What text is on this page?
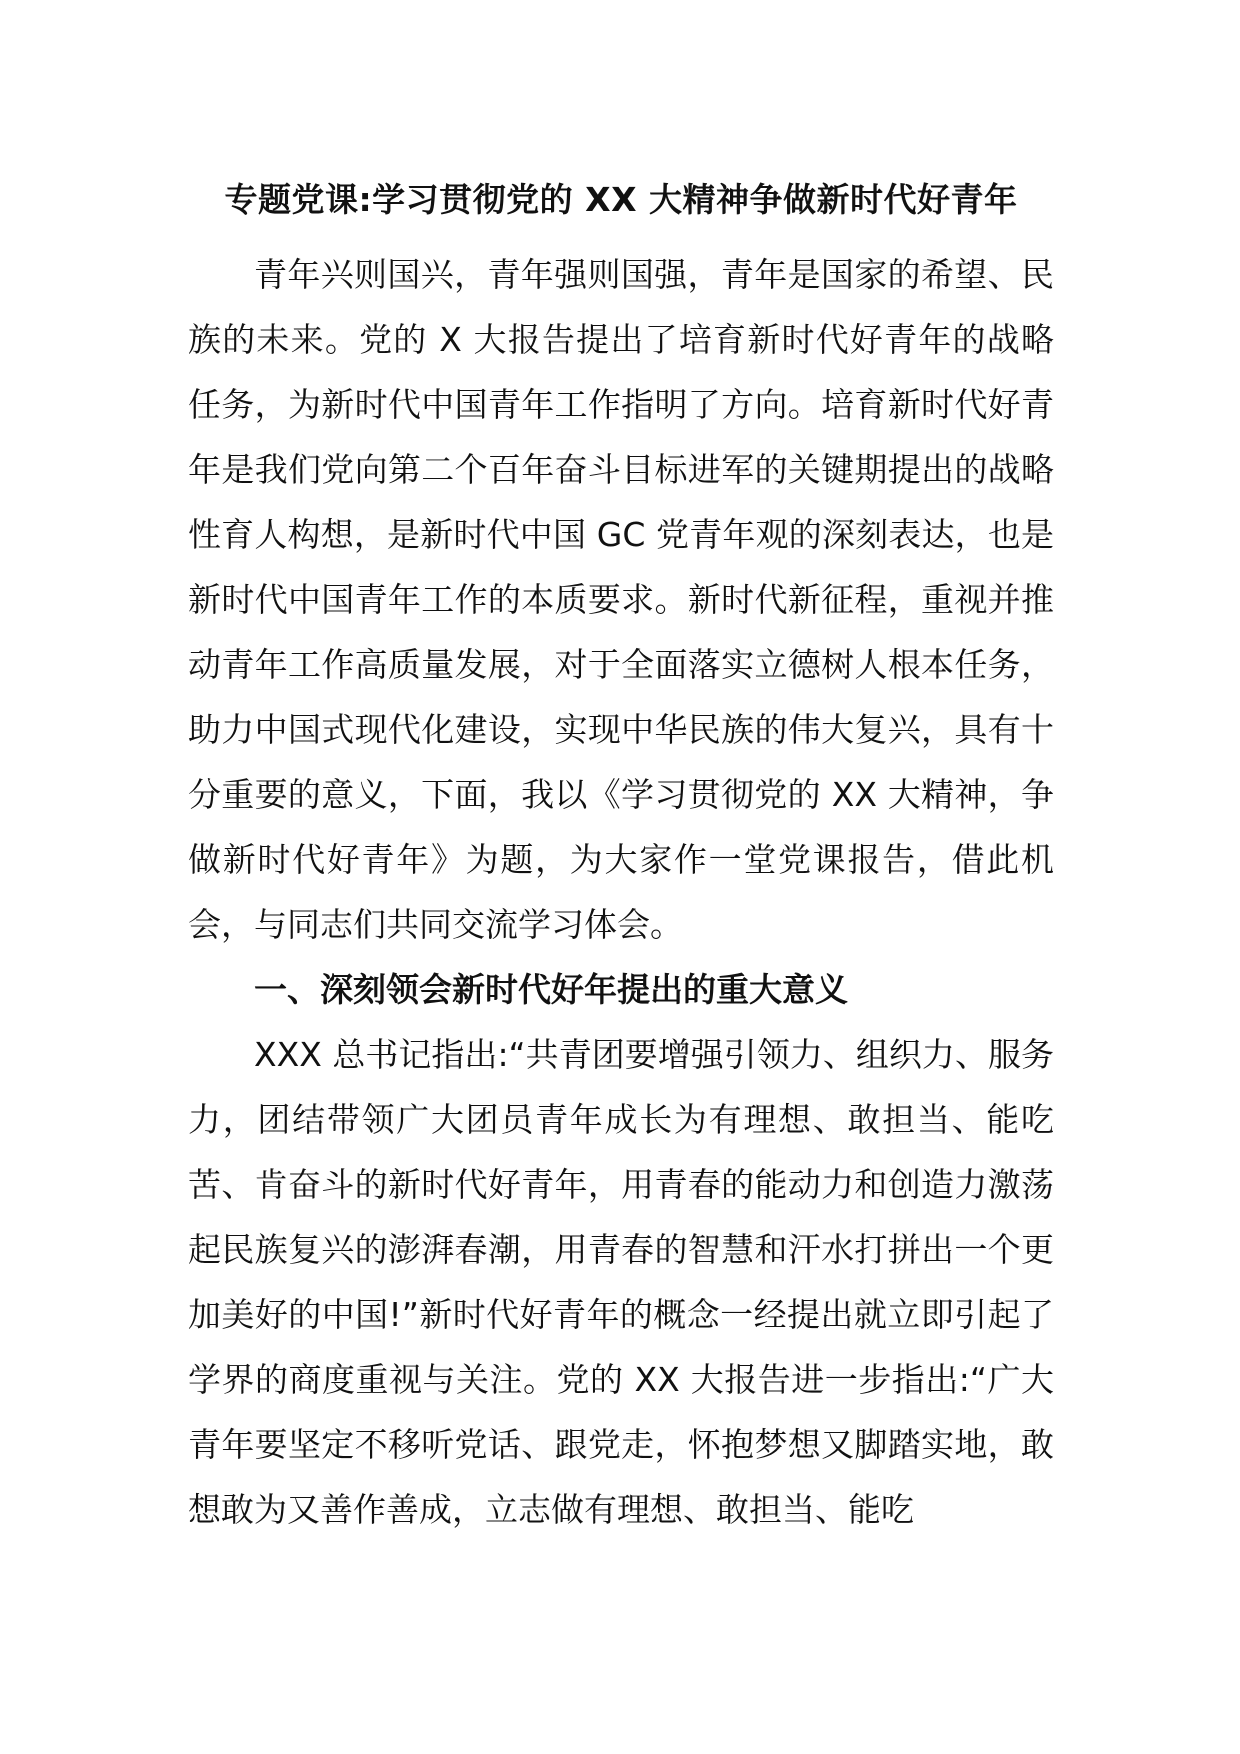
专题党课:学习贯彻党的 XX 大精神争做新时代好青年

青年兴则国兴，青年强则国强，青年是国家的希望、民族的未来。党的 X 大报告提出了培育新时代好青年的战略任务，为新时代中国青年工作指明了方向。培育新时代好青年是我们党向第二个百年奋斗目标进军的关键期提出的战略性育人构想，是新时代中国 GC 党青年观的深刻表达，也是新时代中国青年工作的本质要求。新时代新征程，重视并推动青年工作高质量发展，对于全面落实立德树人根本任务，助力中国式现代化建设，实现中华民族的伟大复兴，具有十分重要的意义，下面，我以《学习贯彻党的 XX 大精神，争做新时代好青年》为题，为大家作一堂党课报告，借此机会，与同志们共同交流学习体会。

一、深刻领会新时代好年提出的重大意义

XXX 总书记指出:“共青团要增强引领力、组织力、服务力，团结带领广大团员青年成长为有理想、敢担当、能吃苦、肯奋斗的新时代好青年，用青春的能动力和创造力激荡起民族复兴的澎湃春潮，用青春的智慧和汗水打拼出一个更加美好的中国!”新时代好青年的概念一经提出就立即引起了学界的商度重视与关注。党的 XX 大报告进一步指出:“广大青年要坚定不移听党话、跟党走，怀抱梦想又脚踏实地，敢想敢为又善作善成，立志做有理想、敢担当、能吃
